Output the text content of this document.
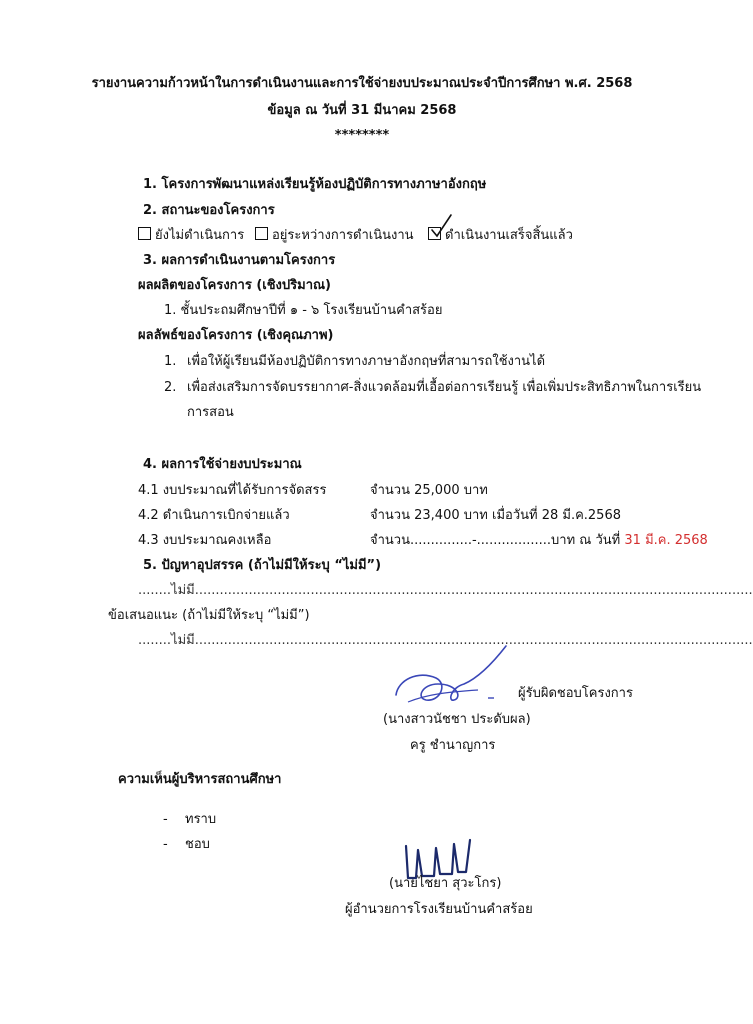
รายงานความก้าวหน้าในการดำเนินงานและการใช้จ่ายงบประมาณประจำปีการศึกษา พ.ศ. 2568
ข้อมูล ณ วันที่ 31 มีนาคม 2568
********
1. โครงการพัฒนาแหล่งเรียนรู้ห้องปฏิบัติการทางภาษาอังกฤษ
2. สถานะของโครงการ
ยังไม่ดำเนินการ	อยู่ระหว่างการดำเนินงาน	ดำเนินงานเสร็จสิ้นแล้ว
3. ผลการดำเนินงานตามโครงการ
ผลผลิตของโครงการ (เชิงปริมาณ)
1. ชั้นประถมศึกษาปีที่ ๑ - ๖ โรงเรียนบ้านคำสร้อย
ผลลัพธ์ของโครงการ (เชิงคุณภาพ)
1. เพื่อให้ผู้เรียนมีห้องปฏิบัติการทางภาษาอังกฤษที่สามารถใช้งานได้
2. เพื่อส่งเสริมการจัดบรรยากาศ-สิ่งแวดล้อมที่เอื้อต่อการเรียนรู้ เพื่อเพิ่มประสิทธิภาพในการเรียน
การสอน
4. ผลการใช้จ่ายงบประมาณ
4.1 งบประมาณที่ได้รับการจัดสรร	จำนวน 25,000 บาท
4.2 ดำเนินการเบิกจ่ายแล้ว	จำนวน 23,400 บาท เมื่อวันที่ 28 มี.ค.2568
4.3 งบประมาณคงเหลือ	จำนวน...............-..................บาท ณ วันที่ 31 มี.ค. 2568
5. ปัญหาอุปสรรค (ถ้าไม่มีให้ระบุ “ไม่มี”)
........ไม่มี.......................................................................................................................................
ข้อเสนอแนะ (ถ้าไม่มีให้ระบุ “ไม่มี”)
........ไม่มี.......................................................................................................................................
ผู้รับผิดชอบโครงการ
(นางสาวนัชชา ประดับผล)
ครู ชำนาญการ
ความเห็นผู้บริหารสถานศึกษา
- ทราบ
- ชอบ
(นายไชยา สุวะโกร)
ผู้อำนวยการโรงเรียนบ้านคำสร้อย
